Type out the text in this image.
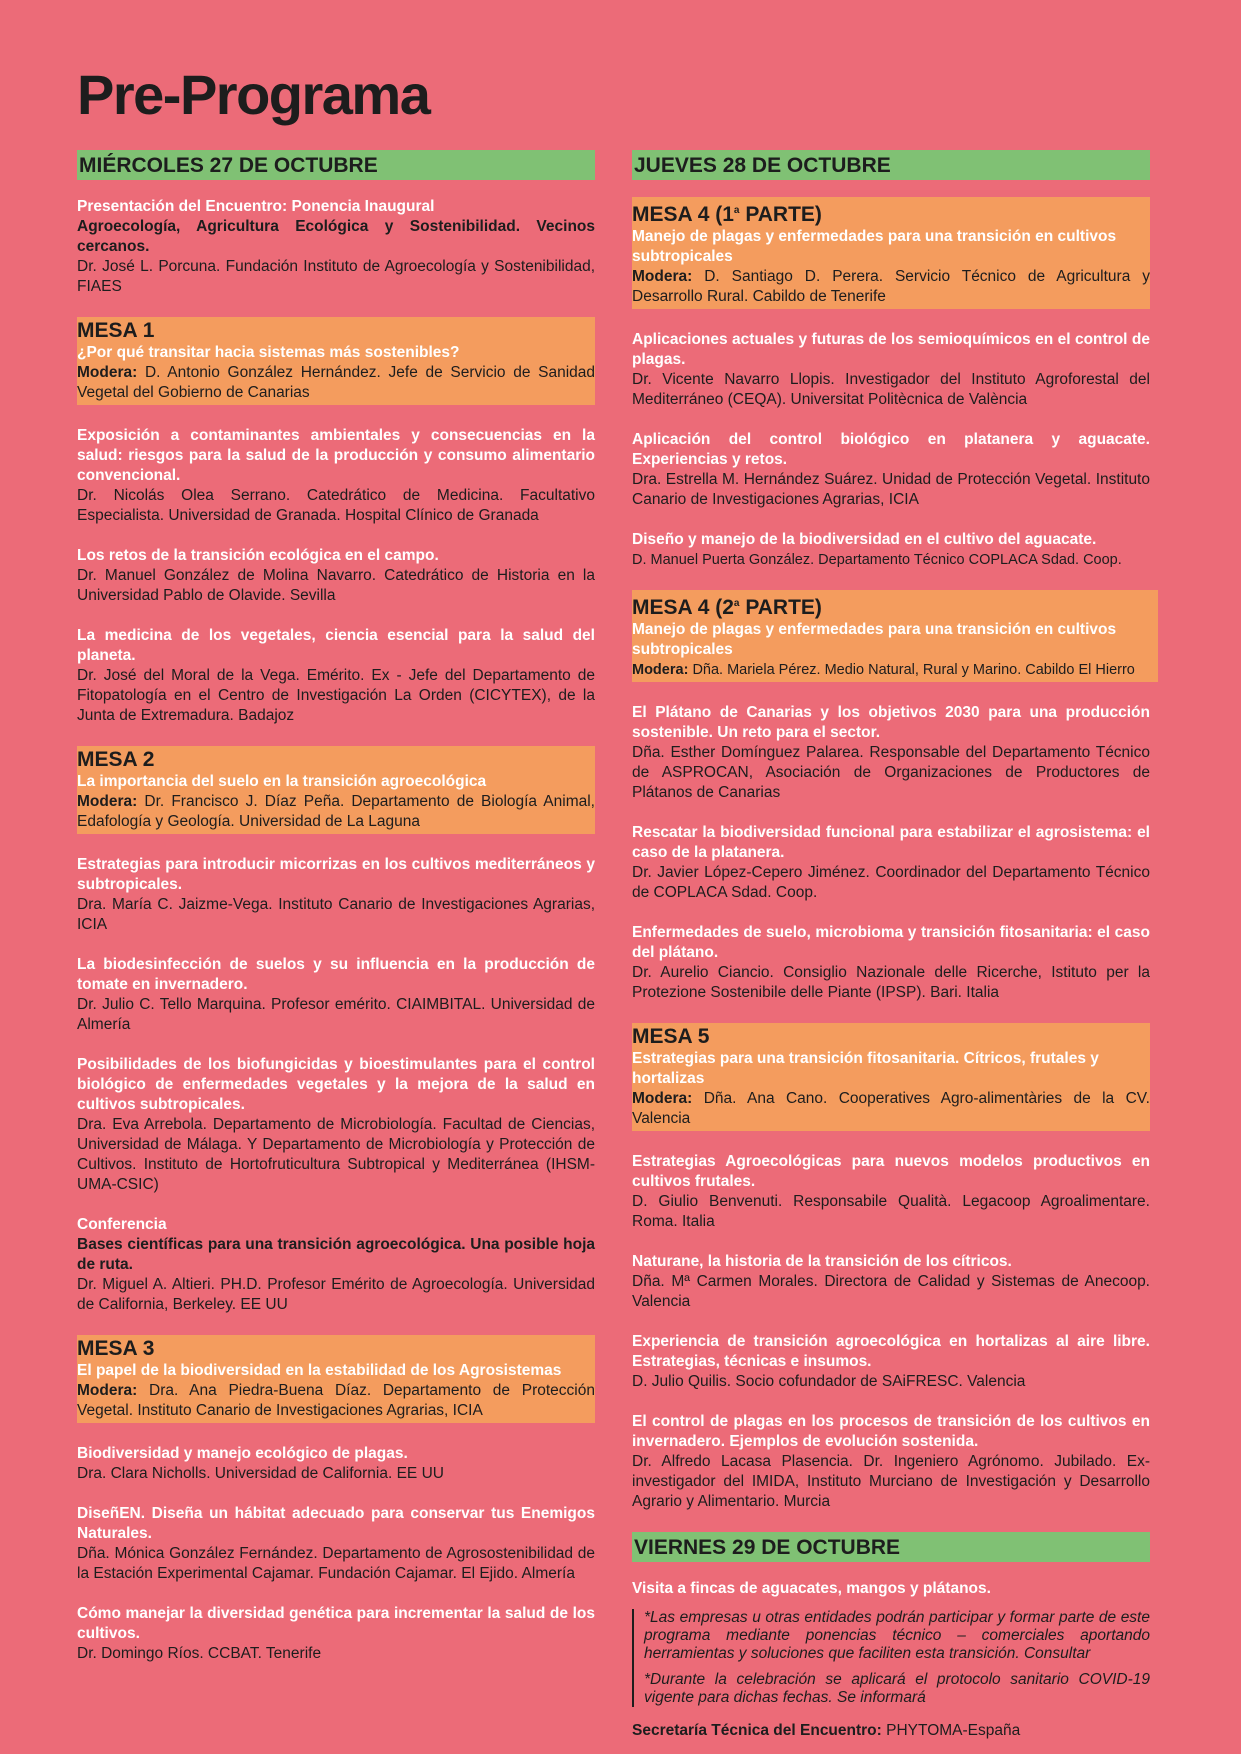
Pre-Programa
MIÉRCOLES 27 DE OCTUBRE
Presentación del Encuentro: Ponencia Inaugural
Agroecología, Agricultura Ecológica y Sostenibilidad. Vecinos cercanos.
Dr. José L. Porcuna. Fundación Instituto de Agroecología y Sostenibilidad, FIAES
MESA 1
¿Por qué transitar hacia sistemas más sostenibles?
Modera: D. Antonio González Hernández. Jefe de Servicio de Sanidad Vegetal del Gobierno de Canarias
Exposición a contaminantes ambientales y consecuencias en la salud: riesgos para la salud de la producción y consumo alimentario convencional.
Dr. Nicolás Olea Serrano. Catedrático de Medicina. Facultativo Especialista. Universidad de Granada. Hospital Clínico de Granada
Los retos de la transición ecológica en el campo.
Dr. Manuel González de Molina Navarro. Catedrático de Historia en la Universidad Pablo de Olavide. Sevilla
La medicina de los vegetales, ciencia esencial para la salud del planeta.
Dr. José del Moral de la Vega. Emérito. Ex - Jefe del Departamento de Fitopatología en el Centro de Investigación La Orden (CICYTEX), de la Junta de Extremadura. Badajoz
MESA 2
La importancia del suelo en la transición agroecológica
Modera: Dr. Francisco J. Díaz Peña. Departamento de Biología Animal, Edafología y Geología. Universidad de La Laguna
Estrategias para introducir micorrizas en los cultivos mediterráneos y subtropicales.
Dra. María C. Jaizme-Vega. Instituto Canario de Investigaciones Agrarias, ICIA
La biodesinfección de suelos y su influencia en la producción de tomate en invernadero.
Dr. Julio C. Tello Marquina. Profesor emérito. CIAIMBITAL. Universidad de Almería
Posibilidades de los biofungicidas y bioestimulantes para el control biológico de enfermedades vegetales y la mejora de la salud en cultivos subtropicales.
Dra. Eva Arrebola. Departamento de Microbiología. Facultad de Ciencias, Universidad de Málaga. Y Departamento de Microbiología y Protección de Cultivos. Instituto de Hortofruticultura Subtropical y Mediterránea (IHSM-UMA-CSIC)
Conferencia
Bases científicas para una transición agroecológica. Una posible hoja de ruta.
Dr. Miguel A. Altieri. PH.D. Profesor Emérito de Agroecología. Universidad de California, Berkeley. EE UU
MESA 3
El papel de la biodiversidad en la estabilidad de los Agrosistemas
Modera: Dra. Ana Piedra-Buena Díaz. Departamento de Protección Vegetal. Instituto Canario de Investigaciones Agrarias, ICIA
Biodiversidad y manejo ecológico de plagas.
Dra. Clara Nicholls. Universidad de California. EE UU
DiseñEN. Diseña un hábitat adecuado para conservar tus Enemigos Naturales.
Dña. Mónica González Fernández. Departamento de Agrosostenibilidad de la Estación Experimental Cajamar. Fundación Cajamar. El Ejido. Almería
Cómo manejar la diversidad genética para incrementar la salud de los cultivos.
Dr. Domingo Ríos. CCBAT. Tenerife
JUEVES 28 DE OCTUBRE
MESA 4 (1$^a$ PARTE)
Manejo de plagas y enfermedades para una transición en cultivos subtropicales
Modera: D. Santiago D. Perera. Servicio Técnico de Agricultura y Desarrollo Rural. Cabildo de Tenerife
Aplicaciones actuales y futuras de los semioquímicos en el control de plagas.
Dr. Vicente Navarro Llopis. Investigador del Instituto Agroforestal del Mediterráneo (CEQA). Universitat Politècnica de València
Aplicación del control biológico en platanera y aguacate. Experiencias y retos.
Dra. Estrella M. Hernández Suárez. Unidad de Protección Vegetal. Instituto Canario de Investigaciones Agrarias, ICIA
Diseño y manejo de la biodiversidad en el cultivo del aguacate.
D. Manuel Puerta González. Departamento Técnico COPLACA Sdad. Coop.
MESA 4 (2$^a$ PARTE)
Manejo de plagas y enfermedades para una transición en cultivos subtropicales
Modera: Dña. Mariela Pérez. Medio Natural, Rural y Marino. Cabildo El Hierro
El Plátano de Canarias y los objetivos 2030 para una producción sostenible. Un reto para el sector.
Dña. Esther Domínguez Palarea. Responsable del Departamento Técnico de ASPROCAN, Asociación de Organizaciones de Productores de Plátanos de Canarias
Rescatar la biodiversidad funcional para estabilizar el agrosistema: el caso de la platanera.
Dr. Javier López-Cepero Jiménez. Coordinador del Departamento Técnico de COPLACA Sdad. Coop.
Enfermedades de suelo, microbioma y transición fitosanitaria: el caso del plátano.
Dr. Aurelio Ciancio. Consiglio Nazionale delle Ricerche, Istituto per la Protezione Sostenibile delle Piante (IPSP). Bari. Italia
MESA 5
Estrategias para una transición fitosanitaria. Cítricos, frutales y hortalizas
Modera: Dña. Ana Cano. Cooperatives Agro-alimentàries de la CV. Valencia
Estrategias Agroecológicas para nuevos modelos productivos en cultivos frutales.
D. Giulio Benvenuti. Responsabile Qualità. Legacoop Agroalimentare. Roma. Italia
Naturane, la historia de la transición de los cítricos.
Dña. Mª Carmen Morales. Directora de Calidad y Sistemas de Anecoop. Valencia
Experiencia de transición agroecológica en hortalizas al aire libre. Estrategias, técnicas e insumos.
D. Julio Quilis. Socio cofundador de SAiFRESC. Valencia
El control de plagas en los procesos de transición de los cultivos en invernadero. Ejemplos de evolución sostenida.
Dr. Alfredo Lacasa Plasencia. Dr. Ingeniero Agrónomo. Jubilado. Ex-investigador del IMIDA, Instituto Murciano de Investigación y Desarrollo Agrario y Alimentario. Murcia
VIERNES 29 DE OCTUBRE
Visita a fincas de aguacates, mangos y plátanos.

*Las empresas u otras entidades podrán participar y formar parte de este programa mediante ponencias técnico – comerciales aportando herramientas y soluciones que faciliten esta transición. Consultar

*Durante la celebración se aplicará el protocolo sanitario COVID-19 vigente para dichas fechas. Se informará

Secretaría Técnica del Encuentro: PHYTOMA-España
